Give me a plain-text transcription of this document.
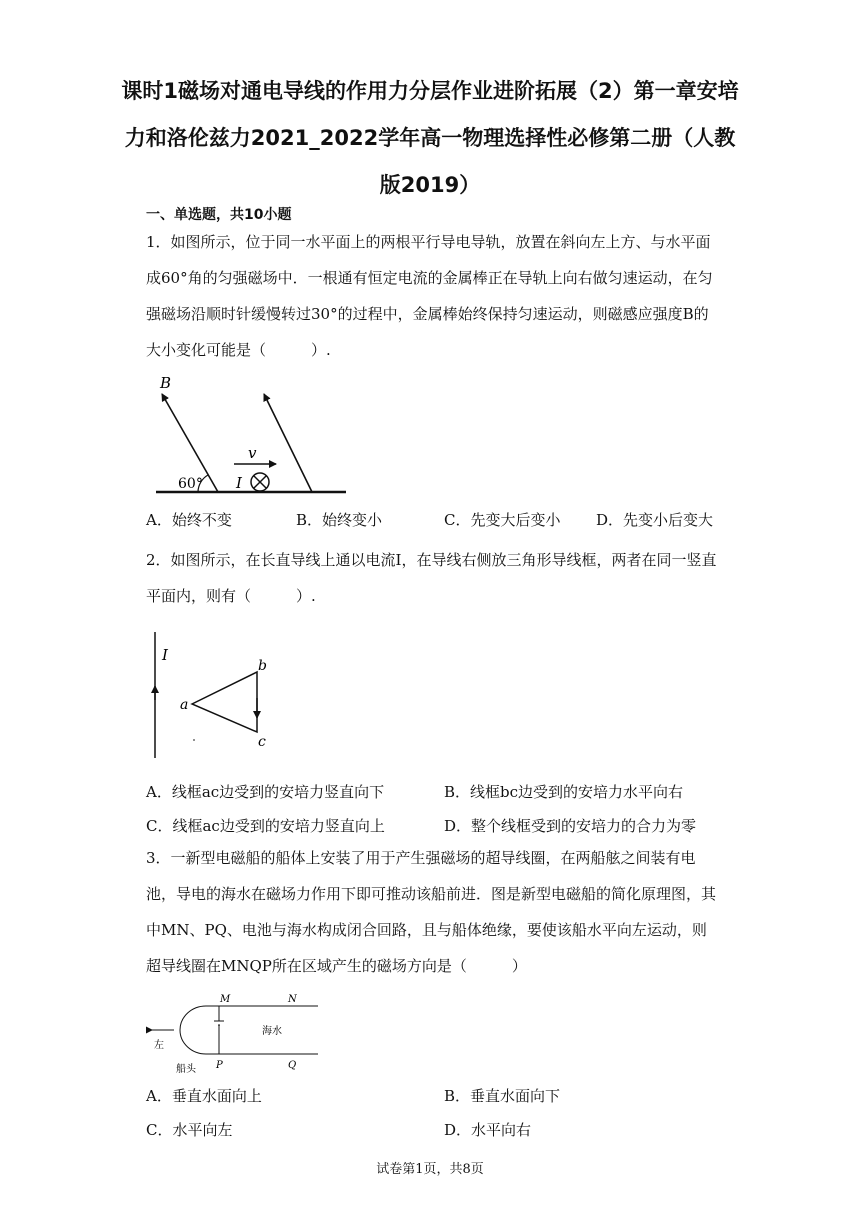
课时1磁场对通电导线的作用力分层作业进阶拓展（2）第一章安培力和洛伦兹力2021_2022学年高一物理选择性必修第二册（人教版2019）
一、单选题，共10小题

1．如图所示，位于同一水平面上的两根平行导电导轨，放置在斜向左上方、与水平面成60°角的匀强磁场中．一根通有恒定电流的金属棒正在导轨上向右做匀速运动，在匀强磁场沿顺时针缓慢转过30°的过程中，金属棒始终保持匀速运动，则磁感应强度B的大小变化可能是（　　　）.

B
60°
v
I
A．始终不变	B．始终变小	C．先变大后变小 D．先变小后变大

2．如图所示，在长直导线上通以电流I，在导线右侧放三角形导线框，两者在同一竖直平面内，则有（　　　）.

I
a
b
c
A．线框ac边受到的安培力竖直向下	B．线框bc边受到的安培力水平向右
C．线框ac边受到的安培力竖直向上	D．整个线框受到的安培力的合力为零

3．一新型电磁船的船体上安装了用于产生强磁场的超导线圈，在两船舷之间装有电池，导电的海水在磁场力作用下即可推动该船前进．图是新型电磁船的简化原理图，其中MN、PQ、电池与海水构成闭合回路，且与船体绝缘，要使该船水平向左运动，则超导线圈在MNQP所在区域产生的磁场方向是（　　　）

M	N
P	Q
海水
左
船头
A．垂直水面向上	B．垂直水面向下
C．水平向左	D．水平向右
试卷第1页，共8页
